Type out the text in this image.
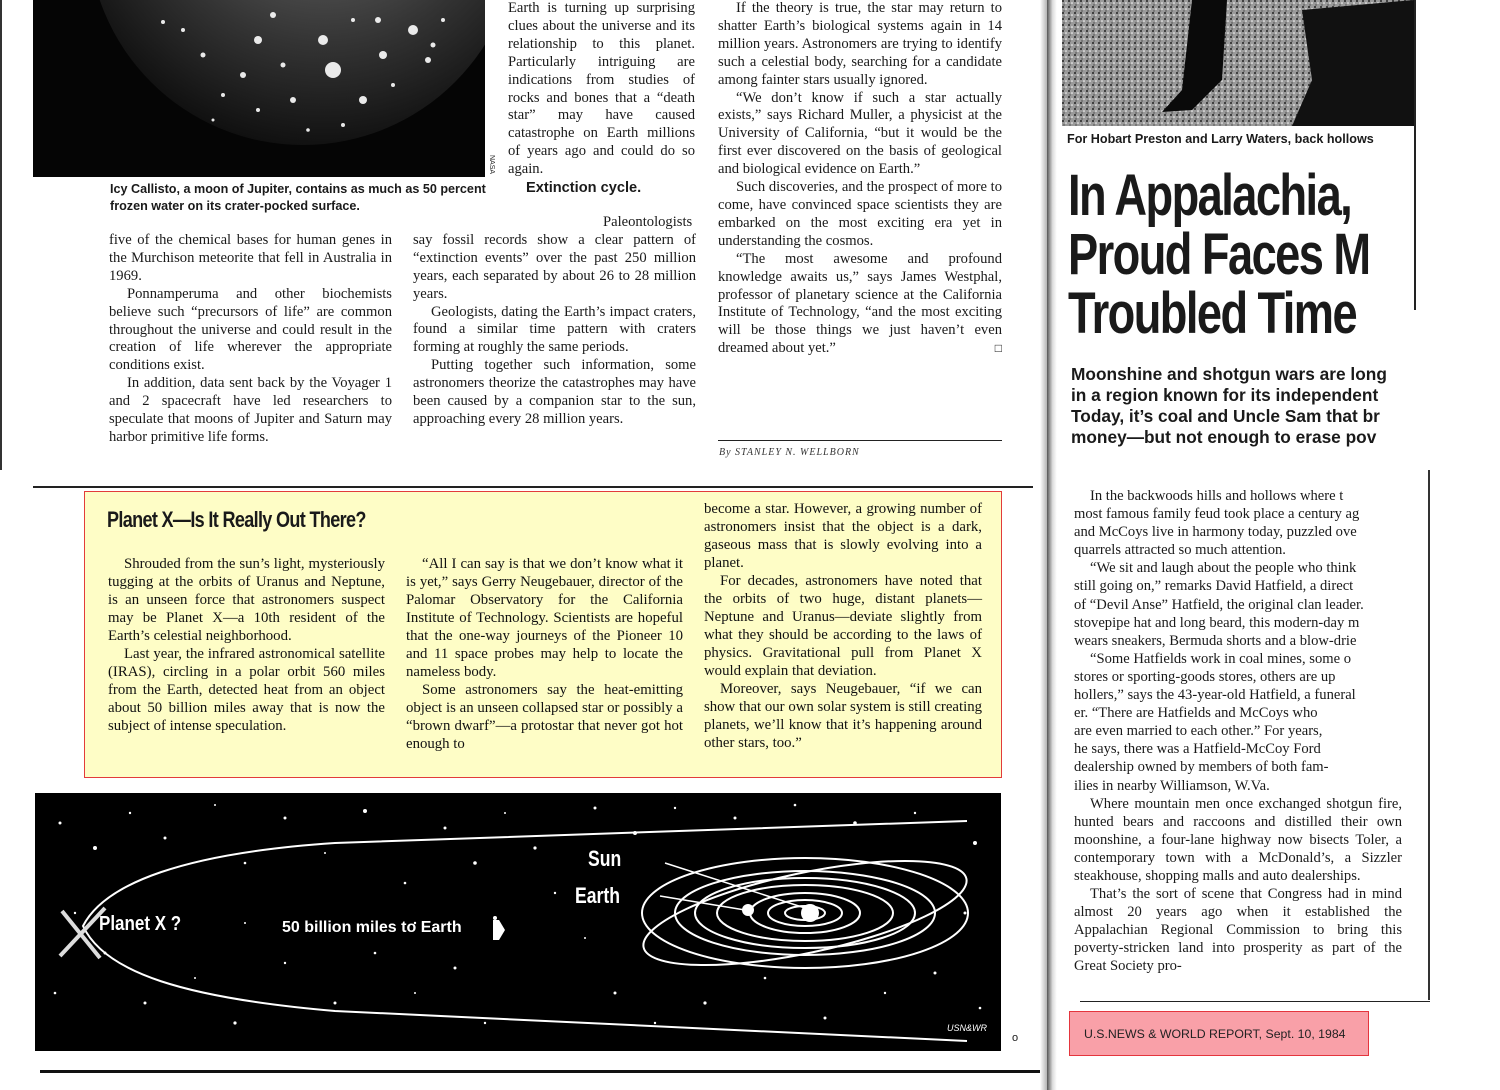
NASA
Icy Callisto, a moon of Jupiter, contains as much as 50 percent frozen water on its crater-pocked surface.

five of the chemical bases for human genes in the Murchison meteorite that fell in Australia in 1969.

Ponnamperuma and other biochemists believe such “precursors of life” are common throughout the universe and could result in the creation of life wherever the appropriate conditions exist.

In addition, data sent back by the Voyager 1 and 2 spacecraft have led researchers to speculate that moons of Jupiter and Saturn may harbor primitive life forms.

Earth is turning up surprising clues about the universe and its relationship to this planet. Particularly intriguing are indications from studies of rocks and bones that a “death star” may have caused catastrophe on Earth millions of years ago and could do so again.

Extinction cycle.

Paleontologists say fossil records show a clear pattern of “extinction events” over the past 250 million years, each separated by about 26 to 28 million years.

Geologists, dating the Earth’s impact craters, found a similar time pattern with craters forming at roughly the same periods.

Putting together such information, some astronomers theorize the catastrophes may have been caused by a companion star to the sun, approaching every 28 million years.

If the theory is true, the star may return to shatter Earth’s biological systems again in 14 million years. Astronomers are trying to identify such a celestial body, searching for a candidate among fainter stars usually ignored.

“We don’t know if such a star actually exists,” says Richard Muller, a physicist at the University of California, “but it would be the first ever discovered on the basis of geological and biological evidence on Earth.”

Such discoveries, and the prospect of more to come, have convinced space scientists they are embarked on the most exciting era yet in understanding the cosmos.

“The most awesome and profound knowledge awaits us,” says James Westphal, professor of planetary science at the California Institute of Technology, “and the most exciting will be those things we just haven’t even dreamed about yet.”	□

By STANLEY N. WELLBORN
Planet X—Is It Really Out There?

Shrouded from the sun’s light, mysteriously tugging at the orbits of Uranus and Neptune, is an unseen force that astronomers suspect may be Planet X—a 10th resident of the Earth’s celestial neighborhood.

Last year, the infrared astronomical satellite (IRAS), circling in a polar orbit 560 miles from the Earth, detected heat from an object about 50 billion miles away that is now the subject of intense speculation.

“All I can say is that we don’t know what it is yet,” says Gerry Neugebauer, director of the Palomar Observatory for the California Institute of Technology. Scientists are hopeful that the one-way journeys of the Pioneer 10 and 11 space probes may help to locate the nameless body.

Some astronomers say the heat-emitting object is an unseen collapsed star or possibly a “brown dwarf”—a protostar that never got hot enough to

become a star. However, a growing number of astronomers insist that the object is a dark, gaseous mass that is slowly evolving into a planet.

For decades, astronomers have noted that the orbits of two huge, distant planets—Neptune and Uranus—deviate slightly from what they should be according to the laws of physics. Gravitational pull from Planet X would explain that deviation.

Moreover, says Neugebauer, “if we can show that our own solar system is still creating planets, we’ll know that it’s happening around other stars, too.”

Planet X ?	50 billion miles to Earth
Sun
Earth
USN&WR
o
For Hobart Preston and Larry Waters, back hollows
In Appalachia,
Proud Faces M
Troubled Time
Moonshine and shotgun wars are long
in a region known for its independent
Today, it’s coal and Uncle Sam that br
money—but not enough to erase pov

In the backwoods hills and hollows where t

most famous family feud took place a century ag

and McCoys live in harmony today, puzzled ove

quarrels attracted so much attention.

“We sit and laugh about the people who think

still going on,” remarks David Hatfield, a direct

of “Devil Anse” Hatfield, the original clan leader.

stovepipe hat and long beard, this modern-day m

wears sneakers, Bermuda shorts and a blow-drie

“Some Hatfields work in coal mines, some o

stores or sporting-goods stores, others are up

hollers,” says the 43-year-old Hatfield, a funeral

er. “There are Hatfields and McCoys who

are even married to each other.” For years,

he says, there was a Hatfield-McCoy Ford

dealership owned by members of both fam-

ilies in nearby Williamson, W.Va.

Where mountain men once exchanged shotgun fire, hunted bears and raccoons and distilled their own moonshine, a four-lane highway now bisects Toler, a contemporary town with a McDonald’s, a Sizzler steakhouse, shopping malls and auto dealerships.

That’s the sort of scene that Congress had in mind almost 20 years ago when it established the Appalachian Regional Commission to bring this poverty-stricken land into prosperity as part of the Great Society pro-

U.S.NEWS & WORLD REPORT, Sept. 10, 1984
